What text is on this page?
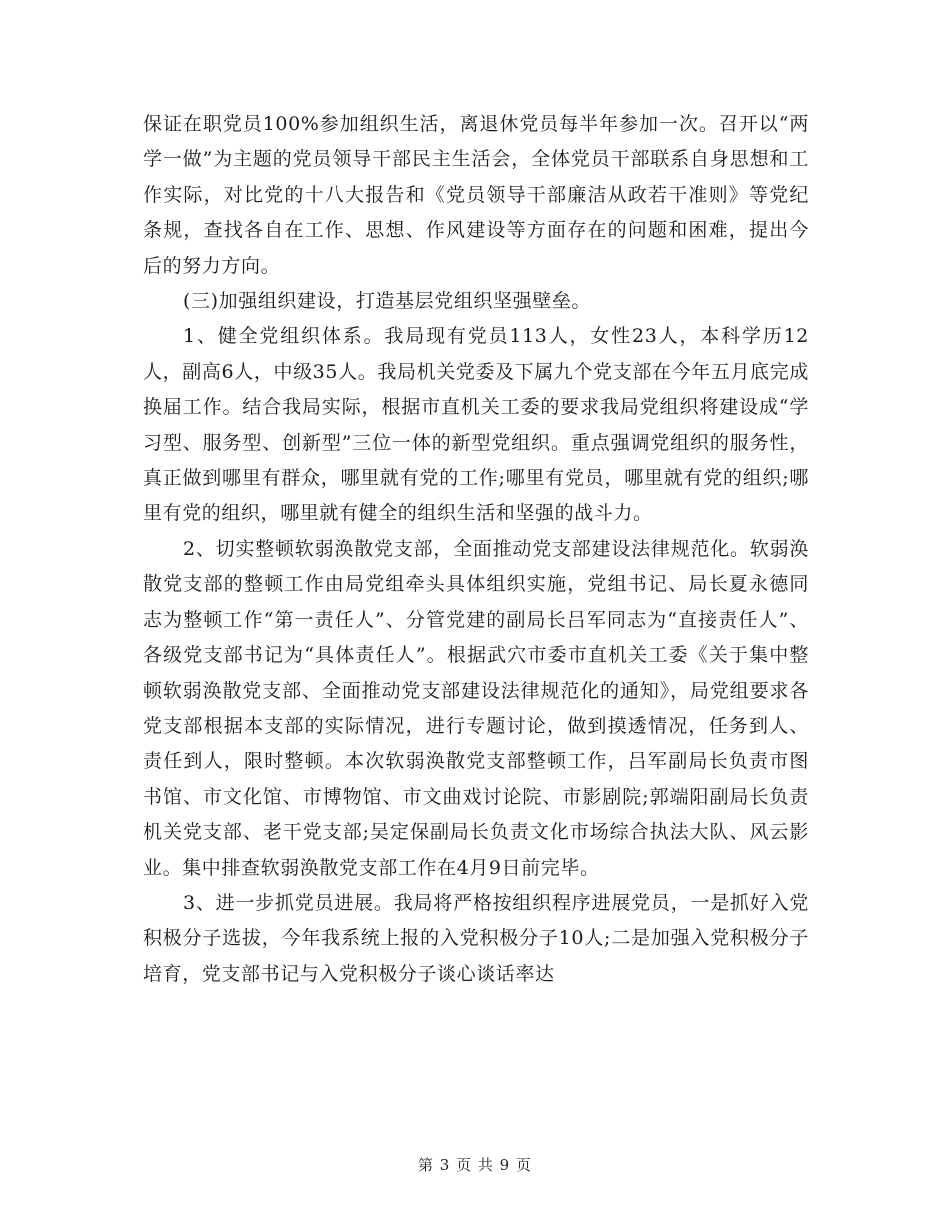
保证在职党员100%参加组织生活，离退休党员每半年参加一次。召开以“两学一做”为主题的党员领导干部民主生活会，全体党员干部联系自身思想和工作实际，对比党的十八大报告和《党员领导干部廉洁从政若干准则》等党纪条规，查找各自在工作、思想、作风建设等方面存在的问题和困难，提出今后的努力方向。

(三)加强组织建设，打造基层党组织坚强壁垒。

1、健全党组织体系。我局现有党员113人，女性23人，本科学历12人，副高6人，中级35人。我局机关党委及下属九个党支部在今年五月底完成换届工作。结合我局实际，根据市直机关工委的要求我局党组织将建设成“学习型、服务型、创新型”三位一体的新型党组织。重点强调党组织的服务性，真正做到哪里有群众，哪里就有党的工作;哪里有党员，哪里就有党的组织;哪里有党的组织，哪里就有健全的组织生活和坚强的战斗力。

2、切实整顿软弱涣散党支部，全面推动党支部建设法律规范化。软弱涣散党支部的整顿工作由局党组牵头具体组织实施，党组书记、局长夏永德同志为整顿工作“第一责任人”、分管党建的副局长吕军同志为“直接责任人”、各级党支部书记为“具体责任人”。根据武穴市委市直机关工委《关于集中整顿软弱涣散党支部、全面推动党支部建设法律规范化的通知》，局党组要求各党支部根据本支部的实际情况，进行专题讨论，做到摸透情况，任务到人、责任到人，限时整顿。本次软弱涣散党支部整顿工作，吕军副局长负责市图书馆、市文化馆、市博物馆、市文曲戏讨论院、市影剧院;郭端阳副局长负责机关党支部、老干党支部;吴定保副局长负责文化市场综合执法大队、风云影业。集中排查软弱涣散党支部工作在4月9日前完毕。

3、进一步抓党员进展。我局将严格按组织程序进展党员，一是抓好入党积极分子选拔，今年我系统上报的入党积极分子10人;二是加强入党积极分子培育，党支部书记与入党积极分子谈心谈话率达

第 3 页 共 9 页
